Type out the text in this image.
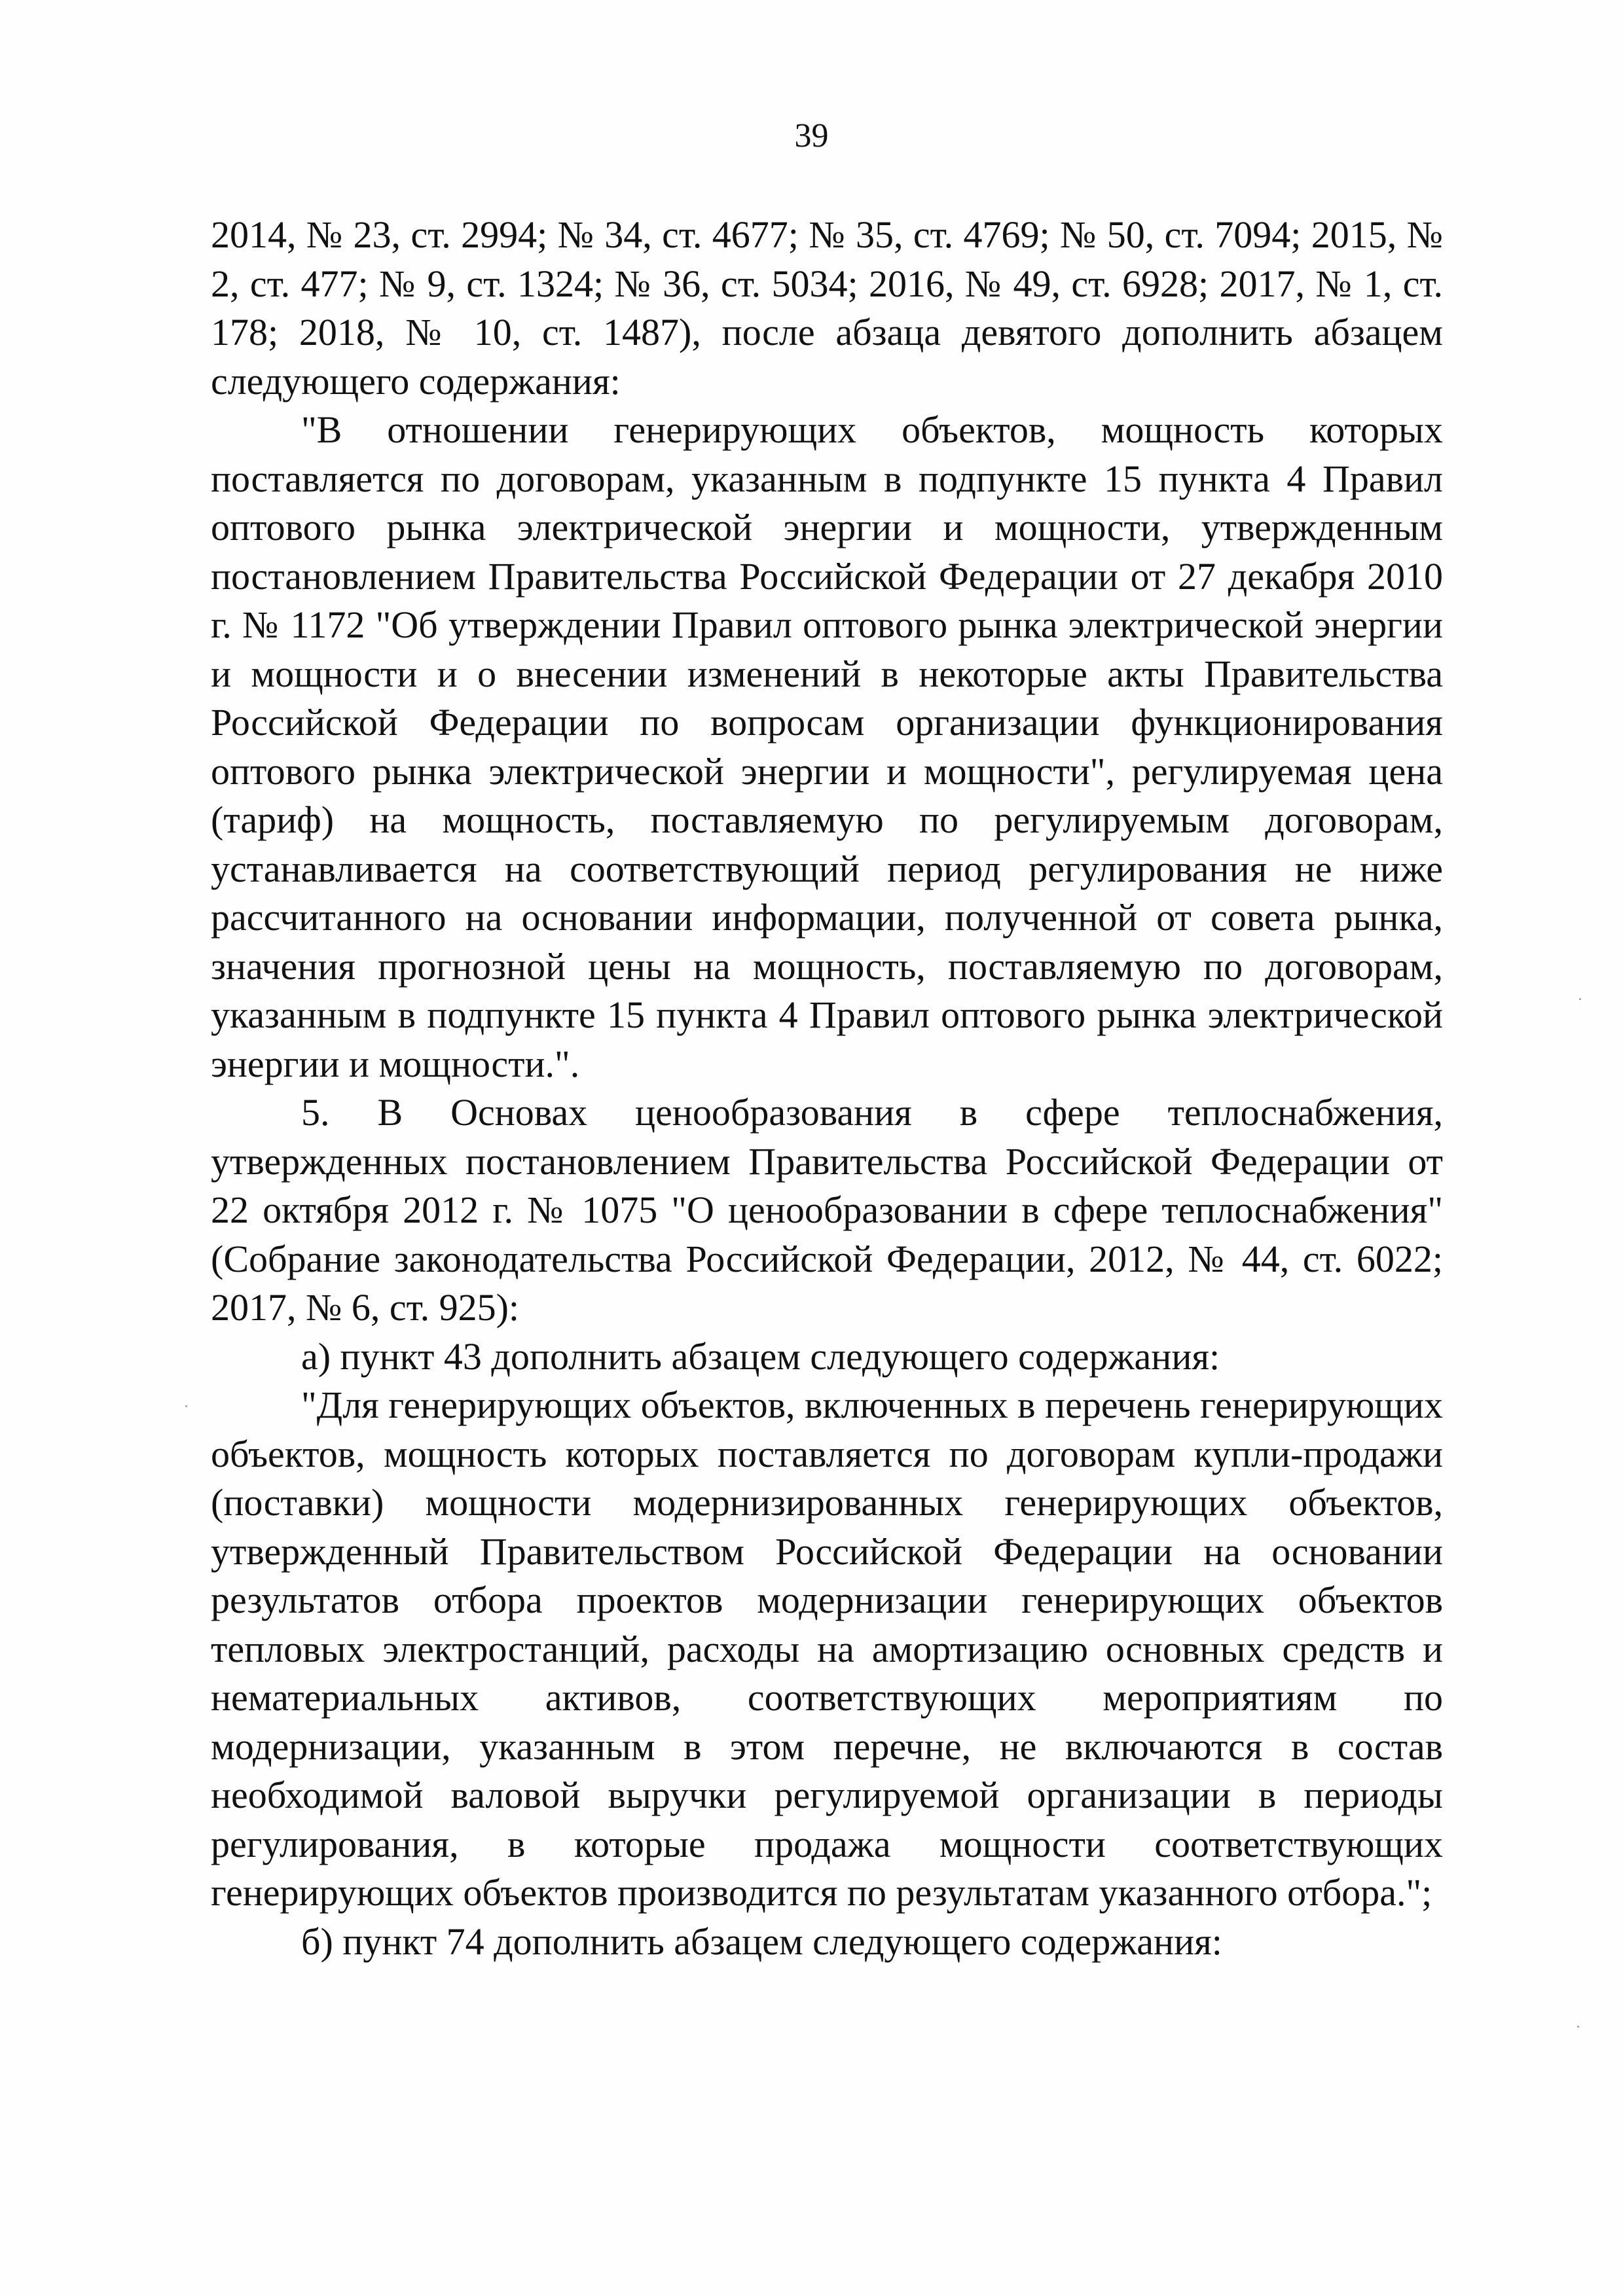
39

2014, № 23, ст. 2994; № 34, ст. 4677; № 35, ст. 4769; № 50, ст. 7094; 2015, № 2, ст. 477; № 9, ст. 1324; № 36, ст. 5034; 2016, № 49, ст. 6928; 2017, № 1, ст. 178; 2018, № 10, ст. 1487), после абзаца девятого дополнить абзацем следующего содержания:

"В отношении генерирующих объектов, мощность которых поставляется по договорам, указанным в подпункте 15 пункта 4 Правил оптового рынка электрической энергии и мощности, утвержденным постановлением Правительства Российской Федерации от 27 декабря 2010 г. № 1172 "Об утверждении Правил оптового рынка электрической энергии и мощности и о внесении изменений в некоторые акты Правительства Российской Федерации по вопросам организации функционирования оптового рынка электрической энергии и мощности", регулируемая цена (тариф) на мощность, поставляемую по регулируемым договорам, устанавливается на соответствующий период регулирования не ниже рассчитанного на основании информации, полученной от совета рынка, значения прогнозной цены на мощность, поставляемую по договорам, указанным в подпункте 15 пункта 4 Правил оптового рынка электрической энергии и мощности.".

5. В Основах ценообразования в сфере теплоснабжения, утвержденных постановлением Правительства Российской Федерации от 22 октября 2012 г. № 1075 "О ценообразовании в сфере теплоснабжения" (Собрание законодательства Российской Федерации, 2012, № 44, ст. 6022; 2017, № 6, ст. 925):

а) пункт 43 дополнить абзацем следующего содержания:

"Для генерирующих объектов, включенных в перечень генерирующих объектов, мощность которых поставляется по договорам купли-продажи (поставки) мощности модернизированных генерирующих объектов, утвержденный Правительством Российской Федерации на основании результатов отбора проектов модернизации генерирующих объектов тепловых электростанций, расходы на амортизацию основных средств и нематериальных активов, соответствующих мероприятиям по модернизации, указанным в этом перечне, не включаются в состав необходимой валовой выручки регулируемой организации в периоды регулирования, в которые продажа мощности соответствующих генерирующих объектов производится по результатам указанного отбора.";

б) пункт 74 дополнить абзацем следующего содержания:
